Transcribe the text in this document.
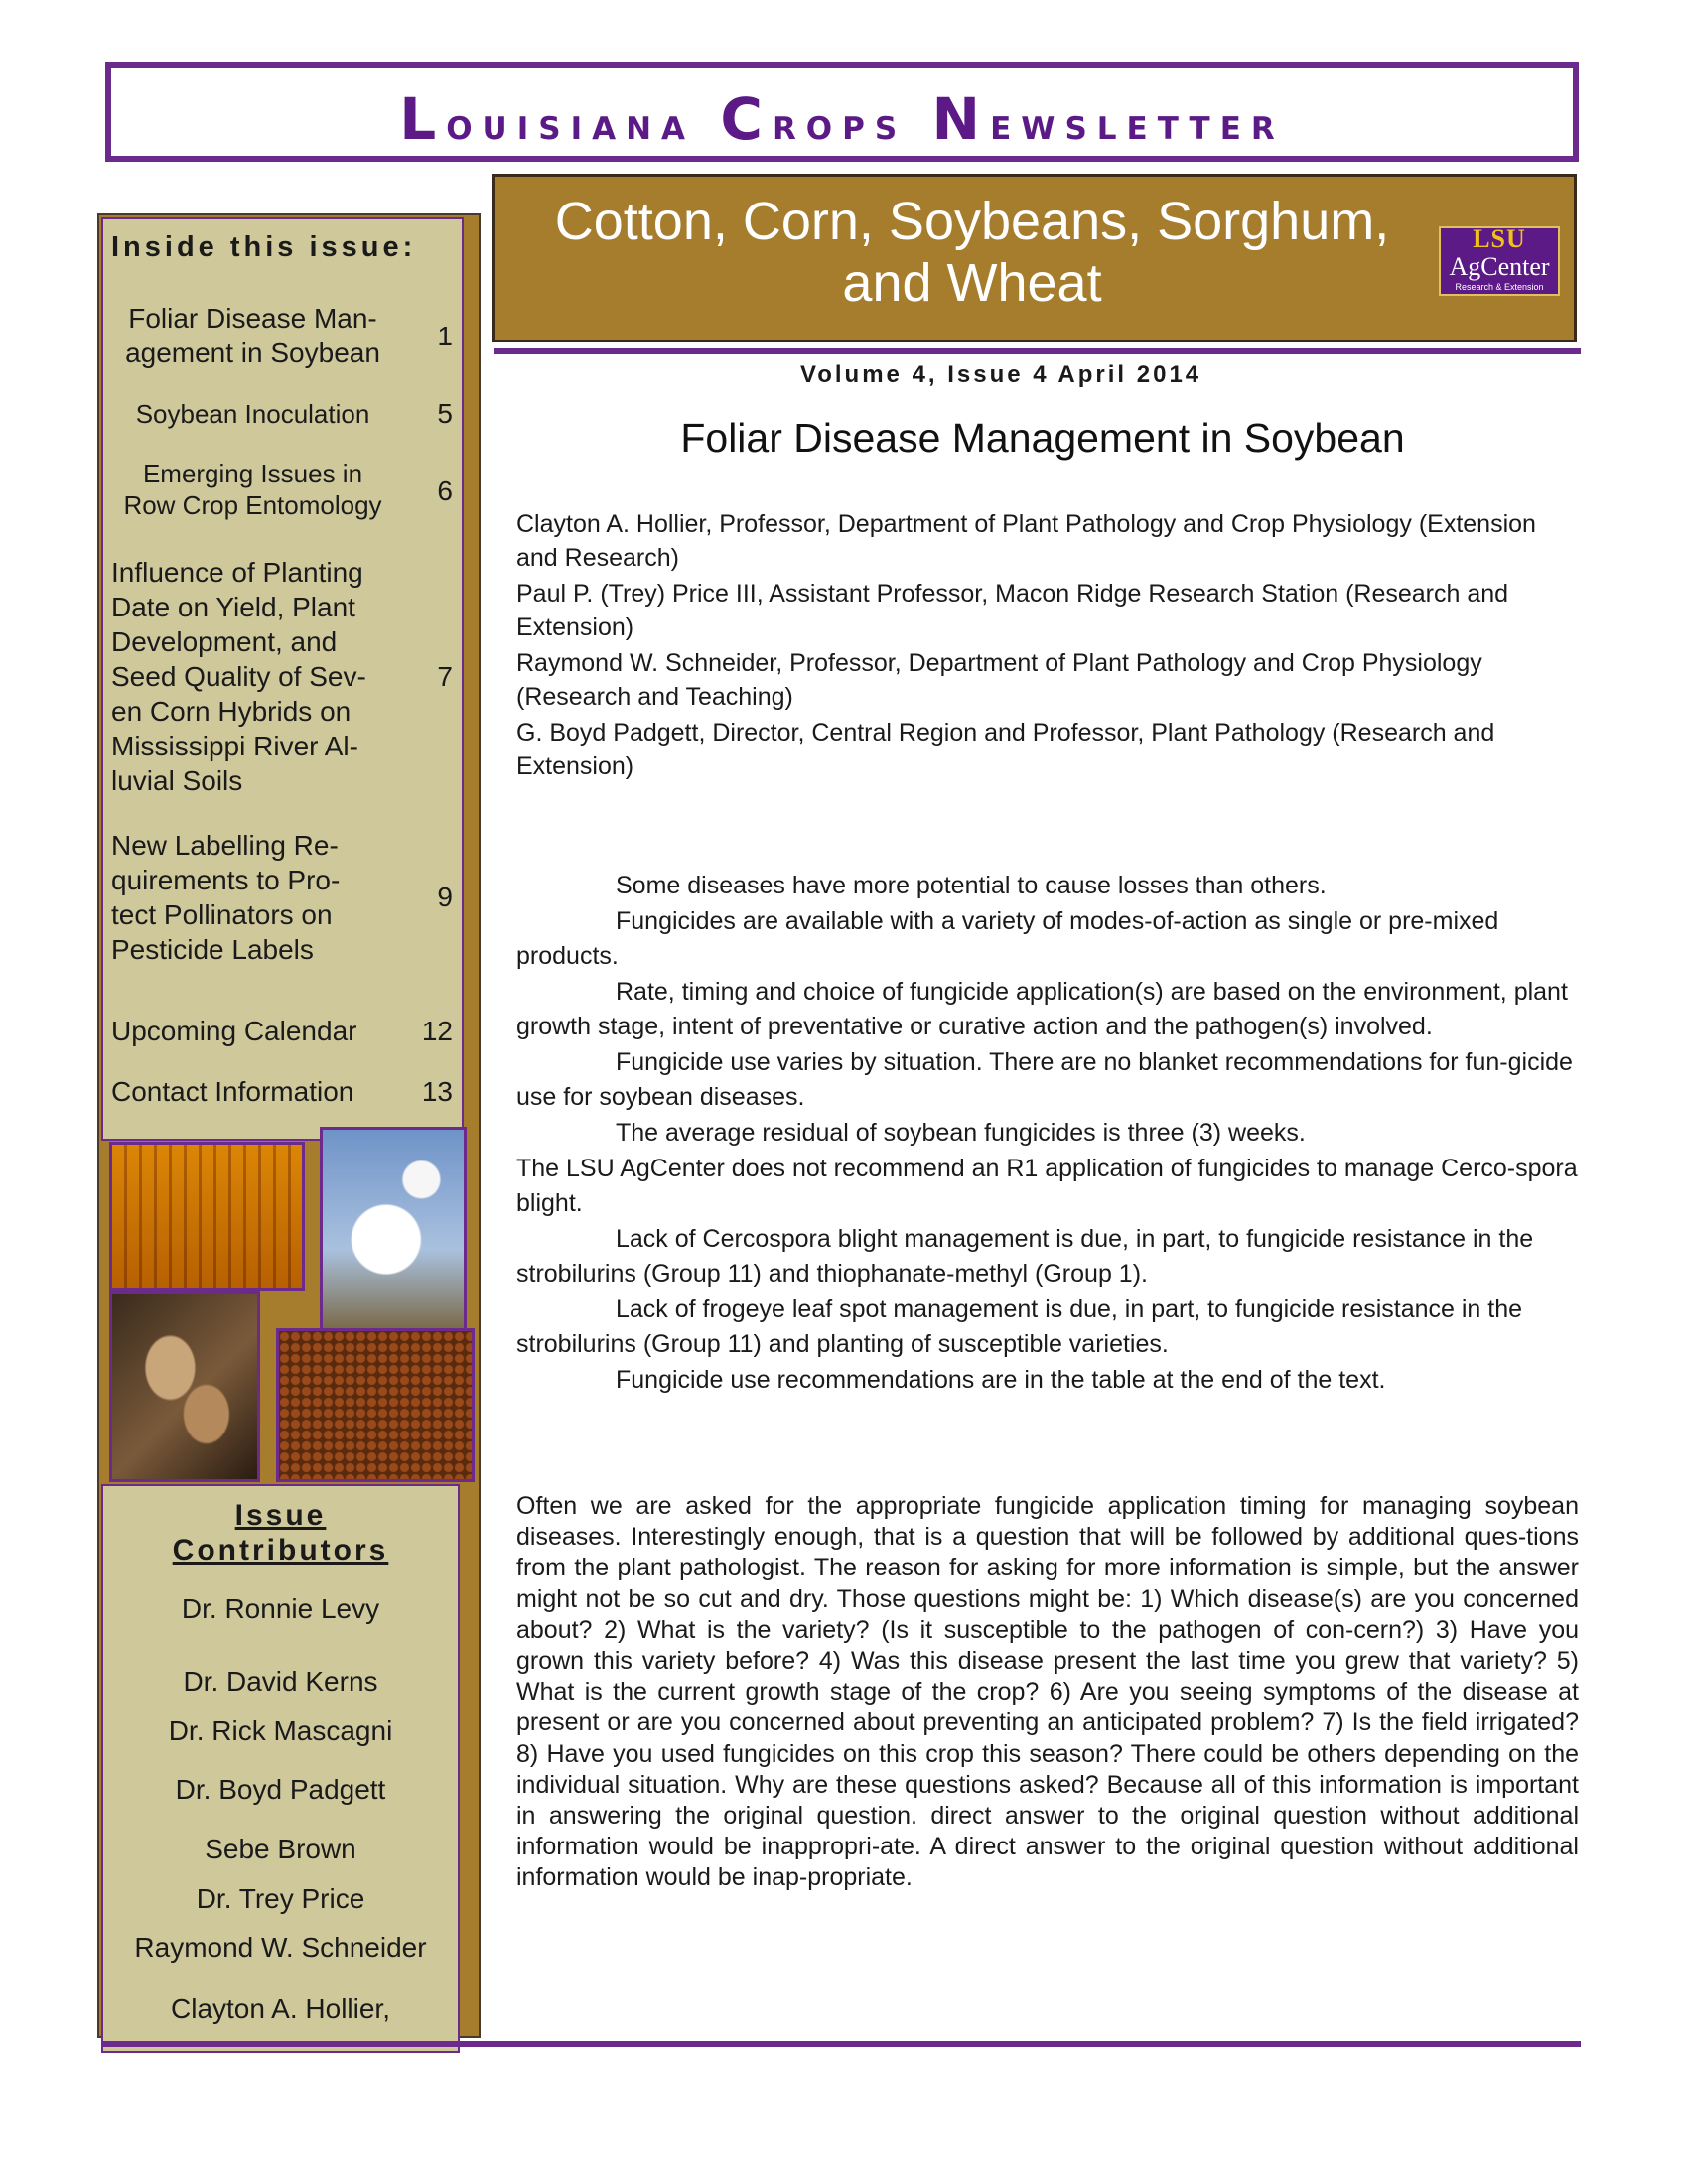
Louisiana Crops Newsletter
Inside this issue:
Foliar Disease Man-
agement in Soybean
1
Soybean Inoculation	5
Emerging Issues in
Row Crop Entomology	6
Influence of Planting
Date on Yield, Plant
Development, and
Seed Quality of Sev-
en Corn Hybrids on
Mississippi River Al-
luvial Soils
7
New Labelling Re-
quirements to Pro-
tect Pollinators on
Pesticide Labels
9
Upcoming Calendar	12
Contact Information	13
Issue
Contributors
Dr. Ronnie Levy
Dr. David Kerns
Dr. Rick Mascagni
Dr. Boyd Padgett
Sebe Brown
Dr. Trey Price
Raymond W. Schneider
Clayton A. Hollier,
Cotton, Corn, Soybeans, Sorghum,
and Wheat
LSU
AgCenter
Research & Extension
Volume 4, Issue 4 April 2014
Foliar Disease Management in Soybean

Clayton A. Hollier, Professor, Department of Plant Pathology and Crop Physiology (Extension and Research)

Paul P. (Trey) Price III, Assistant Professor, Macon Ridge Research Station (Research and Extension)

Raymond W. Schneider, Professor, Department of Plant Pathology and Crop Physiology (Research and Teaching)

G. Boyd Padgett, Director, Central Region and Professor, Plant Pathology (Research and Extension)

Some diseases have more potential to cause losses than others.

Fungicides are available with a variety of modes-of-action as single or pre-mixed products.

Rate, timing and choice of fungicide application(s) are based on the environment, plant growth stage, intent of preventative or curative action and the pathogen(s) involved.

Fungicide use varies by situation. There are no blanket recommendations for fun-gicide use for soybean diseases.

The average residual of soybean fungicides is three (3) weeks.

The LSU AgCenter does not recommend an R1 application of fungicides to manage Cerco-spora blight.

Lack of Cercospora blight management is due, in part, to fungicide resistance in the strobilurins (Group 11) and thiophanate-methyl (Group 1).

Lack of frogeye leaf spot management is due, in part, to fungicide resistance in the strobilurins (Group 11) and planting of susceptible varieties.

Fungicide use recommendations are in the table at the end of the text.

Often we are asked for the appropriate fungicide application timing for managing soybean diseases. Interestingly enough, that is a question that will be followed by additional ques-tions from the plant pathologist. The reason for asking for more information is simple, but the answer might not be so cut and dry. Those questions might be: 1) Which disease(s) are you concerned about? 2) What is the variety? (Is it susceptible to the pathogen of con-cern?) 3) Have you grown this variety before? 4) Was this disease present the last time you grew that variety? 5) What is the current growth stage of the crop? 6) Are you seeing symptoms of the disease at present or are you concerned about preventing an anticipated problem? 7) Is the field irrigated? 8) Have you used fungicides on this crop this season? There could be others depending on the individual situation. Why are these questions asked? Because all of this information is important in answering the original question. direct answer to the original question without additional information would be inappropri-ate. A direct answer to the original question without additional information would be inap-propriate.
